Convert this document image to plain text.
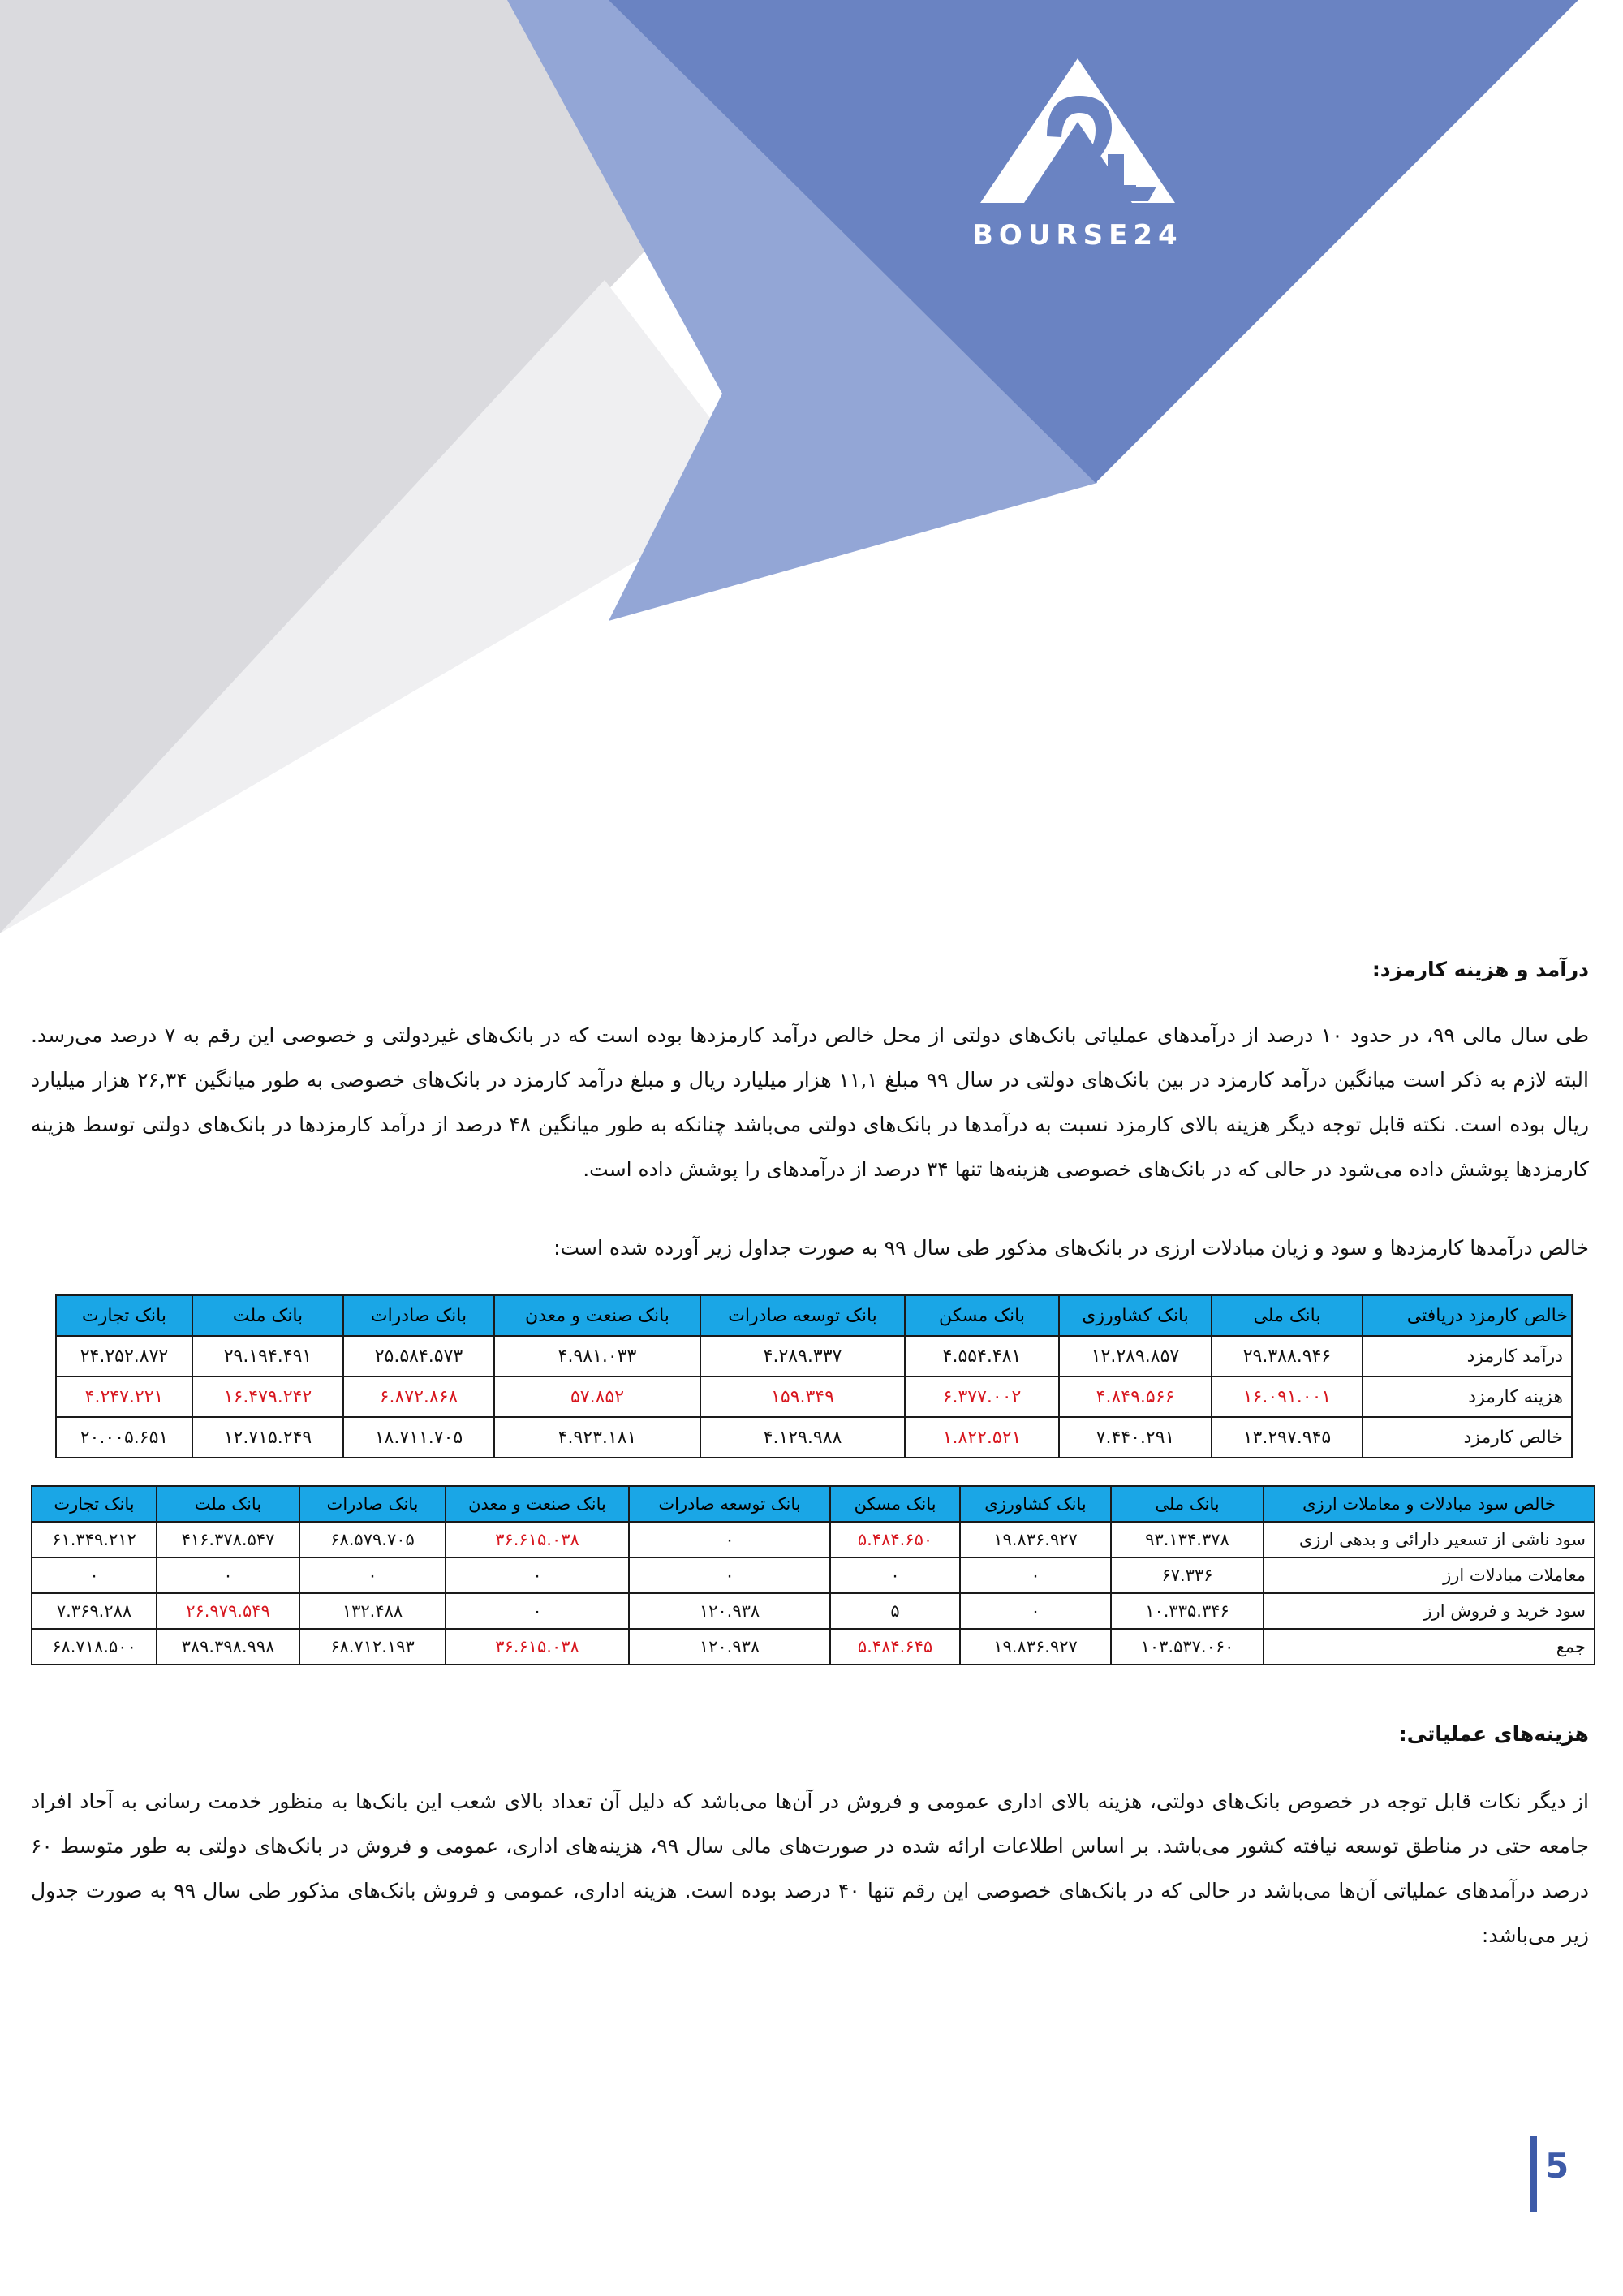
BOURSE24
درآمد و هزینه کارمزد:

طی سال مالی ۹۹، در حدود ۱۰ درصد از درآمدهای عملیاتی بانک‌های دولتی از محل خالص درآمد کارمزدها بوده است که در بانک‌های غیردولتی و خصوصی این رقم به ۷ درصد می‌رسد. البته لازم به ذکر است میانگین درآمد کارمزد در بین بانک‌های دولتی در سال ۹۹ مبلغ ۱۱,۱ هزار میلیارد ریال و مبلغ درآمد کارمزد در بانک‌های خصوصی به طور میانگین ۲۶,۳۴ هزار میلیارد ریال بوده است. نکته قابل توجه دیگر هزینه بالای کارمزد نسبت به درآمدها در بانک‌های دولتی می‌باشد چنانکه به طور میانگین ۴۸ درصد از درآمد کارمزدها در بانک‌های دولتی توسط هزینه کارمزدها پوشش داده می‌شود در حالی که در بانک‌های خصوصی هزینه‌ها تنها ۳۴ درصد از درآمدهای را پوشش داده است.

خالص درآمدها کارمزدها و سود و زیان مبادلات ارزی در بانک‌های مذکور طی سال ۹۹ به صورت جداول زیر آورده شده است:

خالص کارمزد دریافتی	بانک ملی	بانک کشاورزی	بانک مسکن	بانک توسعه صادرات	بانک صنعت و معدن	بانک صادرات	بانک ملت	بانک تجارت
درآمد کارمزد	۲۹.۳۸۸.۹۴۶	۱۲.۲۸۹.۸۵۷	۴.۵۵۴.۴۸۱	۴.۲۸۹.۳۳۷	۴.۹۸۱.۰۳۳	۲۵.۵۸۴.۵۷۳	۲۹.۱۹۴.۴۹۱	۲۴.۲۵۲.۸۷۲
هزینه کارمزد	۱۶.۰۹۱.۰۰۱	۴.۸۴۹.۵۶۶	۶.۳۷۷.۰۰۲	۱۵۹.۳۴۹	۵۷.۸۵۲	۶.۸۷۲.۸۶۸	۱۶.۴۷۹.۲۴۲	۴.۲۴۷.۲۲۱
خالص کارمزد	۱۳.۲۹۷.۹۴۵	۷.۴۴۰.۲۹۱	۱.۸۲۲.۵۲۱	۴.۱۲۹.۹۸۸	۴.۹۲۳.۱۸۱	۱۸.۷۱۱.۷۰۵	۱۲.۷۱۵.۲۴۹	۲۰.۰۰۵.۶۵۱
خالص سود مبادلات و معاملات ارزی	بانک ملی	بانک کشاورزی	بانک مسکن	بانک توسعه صادرات	بانک صنعت و معدن	بانک صادرات	بانک ملت	بانک تجارت
سود ناشی از تسعیر دارائی و بدهی ارزی	۹۳.۱۳۴.۳۷۸	۱۹.۸۳۶.۹۲۷	۵.۴۸۴.۶۵۰	۰	۳۶.۶۱۵.۰۳۸	۶۸.۵۷۹.۷۰۵	۴۱۶.۳۷۸.۵۴۷	۶۱.۳۴۹.۲۱۲
معاملات مبادلات ارز	۶۷.۳۳۶	۰	۰	۰	۰	۰	۰	۰
سود خرید و فروش ارز	۱۰.۳۳۵.۳۴۶	۰	۵	۱۲۰.۹۳۸	۰	۱۳۲.۴۸۸	۲۶.۹۷۹.۵۴۹	۷.۳۶۹.۲۸۸
جمع	۱۰۳.۵۳۷.۰۶۰	۱۹.۸۳۶.۹۲۷	۵.۴۸۴.۶۴۵	۱۲۰.۹۳۸	۳۶.۶۱۵.۰۳۸	۶۸.۷۱۲.۱۹۳	۳۸۹.۳۹۸.۹۹۸	۶۸.۷۱۸.۵۰۰
هزینه‌های عملیاتی:

از دیگر نکات قابل توجه در خصوص بانک‌های دولتی، هزینه بالای اداری عمومی و فروش در آن‌ها می‌باشد که دلیل آن تعداد بالای شعب این بانک‌ها به منظور خدمت رسانی به آحاد افراد جامعه حتی در مناطق توسعه نیافته کشور می‌باشد. بر اساس اطلاعات ارائه شده در صورت‌های مالی سال ۹۹، هزینه‌های اداری، عمومی و فروش در بانک‌های دولتی به طور متوسط ۶۰ درصد درآمدهای عملیاتی آن‌ها می‌باشد در حالی که در بانک‌های خصوصی این رقم تنها ۴۰ درصد بوده است. هزینه اداری، عمومی و فروش بانک‌های مذکور طی سال ۹۹ به صورت جدول زیر می‌باشد:

5
